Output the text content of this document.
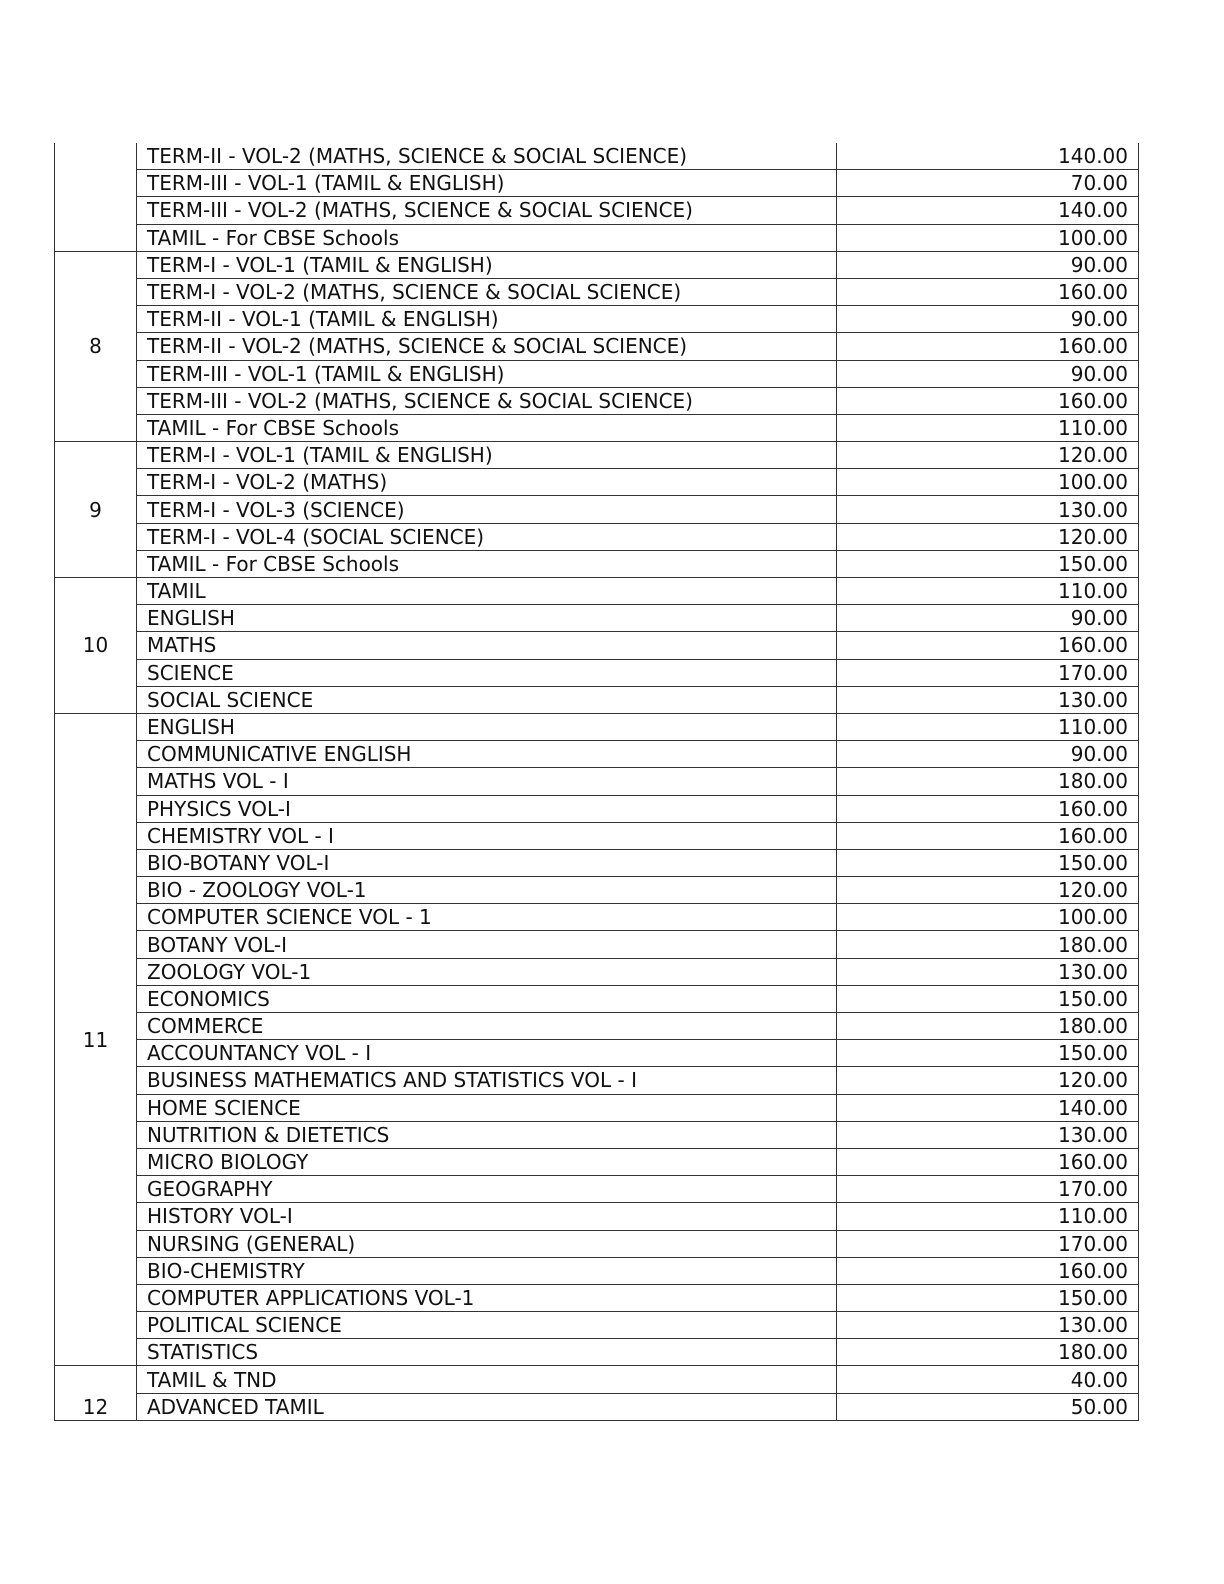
	TERM-II - VOL-2 (MATHS, SCIENCE & SOCIAL SCIENCE)	140.00
	TERM-III - VOL-1 (TAMIL & ENGLISH)	70.00
	TERM-III - VOL-2 (MATHS, SCIENCE & SOCIAL SCIENCE)	140.00
	TAMIL - For CBSE Schools	100.00
8	TERM-I - VOL-1 (TAMIL & ENGLISH)	90.00
	TERM-I - VOL-2 (MATHS, SCIENCE & SOCIAL SCIENCE)	160.00
	TERM-II - VOL-1 (TAMIL & ENGLISH)	90.00
	TERM-II - VOL-2 (MATHS, SCIENCE & SOCIAL SCIENCE)	160.00
	TERM-III - VOL-1 (TAMIL & ENGLISH)	90.00
	TERM-III - VOL-2 (MATHS, SCIENCE & SOCIAL SCIENCE)	160.00
	TAMIL - For CBSE Schools	110.00
9	TERM-I - VOL-1 (TAMIL & ENGLISH)	120.00
	TERM-I - VOL-2 (MATHS)	100.00
	TERM-I - VOL-3 (SCIENCE)	130.00
	TERM-I - VOL-4 (SOCIAL SCIENCE)	120.00
	TAMIL - For CBSE Schools	150.00
10	TAMIL	110.00
	ENGLISH	90.00
	MATHS	160.00
	SCIENCE	170.00
	SOCIAL SCIENCE	130.00
11	ENGLISH	110.00
	COMMUNICATIVE ENGLISH	90.00
	MATHS VOL - I	180.00
	PHYSICS VOL-I	160.00
	CHEMISTRY VOL - I	160.00
	BIO-BOTANY VOL-I	150.00
	BIO - ZOOLOGY VOL-1	120.00
	COMPUTER SCIENCE VOL - 1	100.00
	BOTANY VOL-I	180.00
	ZOOLOGY VOL-1	130.00
	ECONOMICS	150.00
	COMMERCE	180.00
	ACCOUNTANCY VOL - I	150.00
	BUSINESS MATHEMATICS AND STATISTICS VOL - I	120.00
	HOME SCIENCE	140.00
	NUTRITION & DIETETICS	130.00
	MICRO BIOLOGY	160.00
	GEOGRAPHY	170.00
	HISTORY VOL-I	110.00
	NURSING (GENERAL)	170.00
	BIO-CHEMISTRY	160.00
	COMPUTER APPLICATIONS VOL-1	150.00
	POLITICAL SCIENCE	130.00
	STATISTICS	180.00
12	TAMIL & TND	40.00
	ADVANCED TAMIL	50.00
